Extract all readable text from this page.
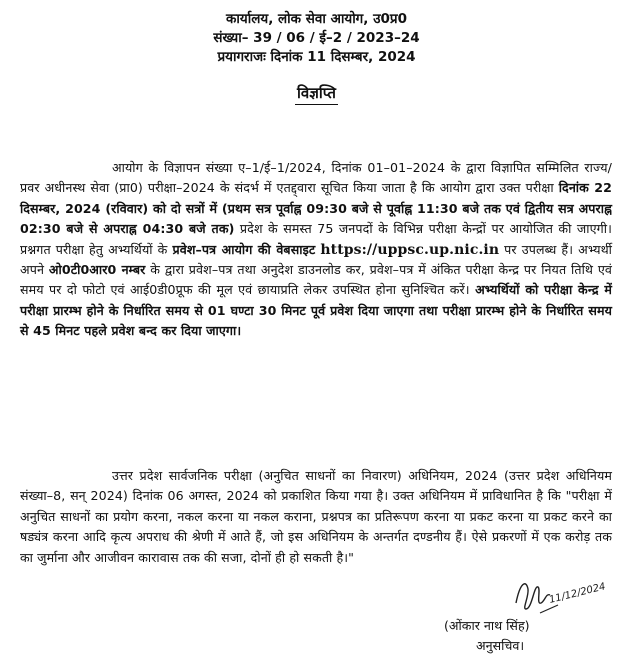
कार्यालय, लोक सेवा आयोग, उ0प्र0
संख्या– 39 / 06 / ई–2 / 2023–24
प्रयागराजः दिनांक 11 दिसम्बर, 2024
विज्ञप्ति
आयोग के विज्ञापन संख्या ए–1/ई–1/2024, दिनांक 01–01–2024 के द्वारा विज्ञापित सम्मिलित राज्य/प्रवर अधीनस्थ सेवा (प्रा0) परीक्षा–2024 के संदर्भ में एतद्द्वारा सूचित किया जाता है कि आयोग द्वारा उक्त परीक्षा दिनांक 22 दिसम्बर, 2024 (रविवार) को दो सत्रों में (प्रथम सत्र पूर्वाह्न 09:30 बजे से पूर्वाह्न 11:30 बजे तक एवं द्वितीय सत्र अपराह्न 02:30 बजे से अपराह्न 04:30 बजे तक) प्रदेश के समस्त 75 जनपदों के विभिन्न परीक्षा केन्द्रों पर आयोजित की जाएगी। प्रश्नगत परीक्षा हेतु अभ्यर्थियों के प्रवेश–पत्र आयोग की वेबसाइट https://uppsc.up.nic.in पर उपलब्ध हैं। अभ्यर्थी अपने ओ0टी0आर0 नम्बर के द्वारा प्रवेश–पत्र तथा अनुदेश डाउनलोड कर, प्रवेश–पत्र में अंकित परीक्षा केन्द्र पर नियत तिथि एवं समय पर दो फोटो एवं आई0डी0प्रूफ की मूल एवं छायाप्रति लेकर उपस्थित होना सुनिश्चित करें। अभ्यर्थियों को परीक्षा केन्द्र में परीक्षा प्रारम्भ होने के निर्धारित समय से 01 घण्टा 30 मिनट पूर्व प्रवेश दिया जाएगा तथा परीक्षा प्रारम्भ होने के निर्धारित समय से 45 मिनट पहले प्रवेश बन्द कर दिया जाएगा।
उत्तर प्रदेश सार्वजनिक परीक्षा (अनुचित साधनों का निवारण) अधिनियम, 2024 (उत्तर प्रदेश अधिनियम संख्या–8, सन् 2024) दिनांक 06 अगस्त, 2024 को प्रकाशित किया गया है। उक्त अधिनियम में प्राविधानित है कि "परीक्षा में अनुचित साधनों का प्रयोग करना, नकल करना या नकल कराना, प्रश्नपत्र का प्रतिरूपण करना या प्रकट करना या प्रकट करने का षड्यंत्र करना आदि कृत्य अपराध की श्रेणी में आते हैं, जो इस अधिनियम के अन्तर्गत दण्डनीय हैं। ऐसे प्रकरणों में एक करोड़ तक का जुर्माना और आजीवन कारावास तक की सजा, दोनों ही हो सकती है।"
11/12/2024
(ओंकार नाथ सिंह)
अनुसचिव।
